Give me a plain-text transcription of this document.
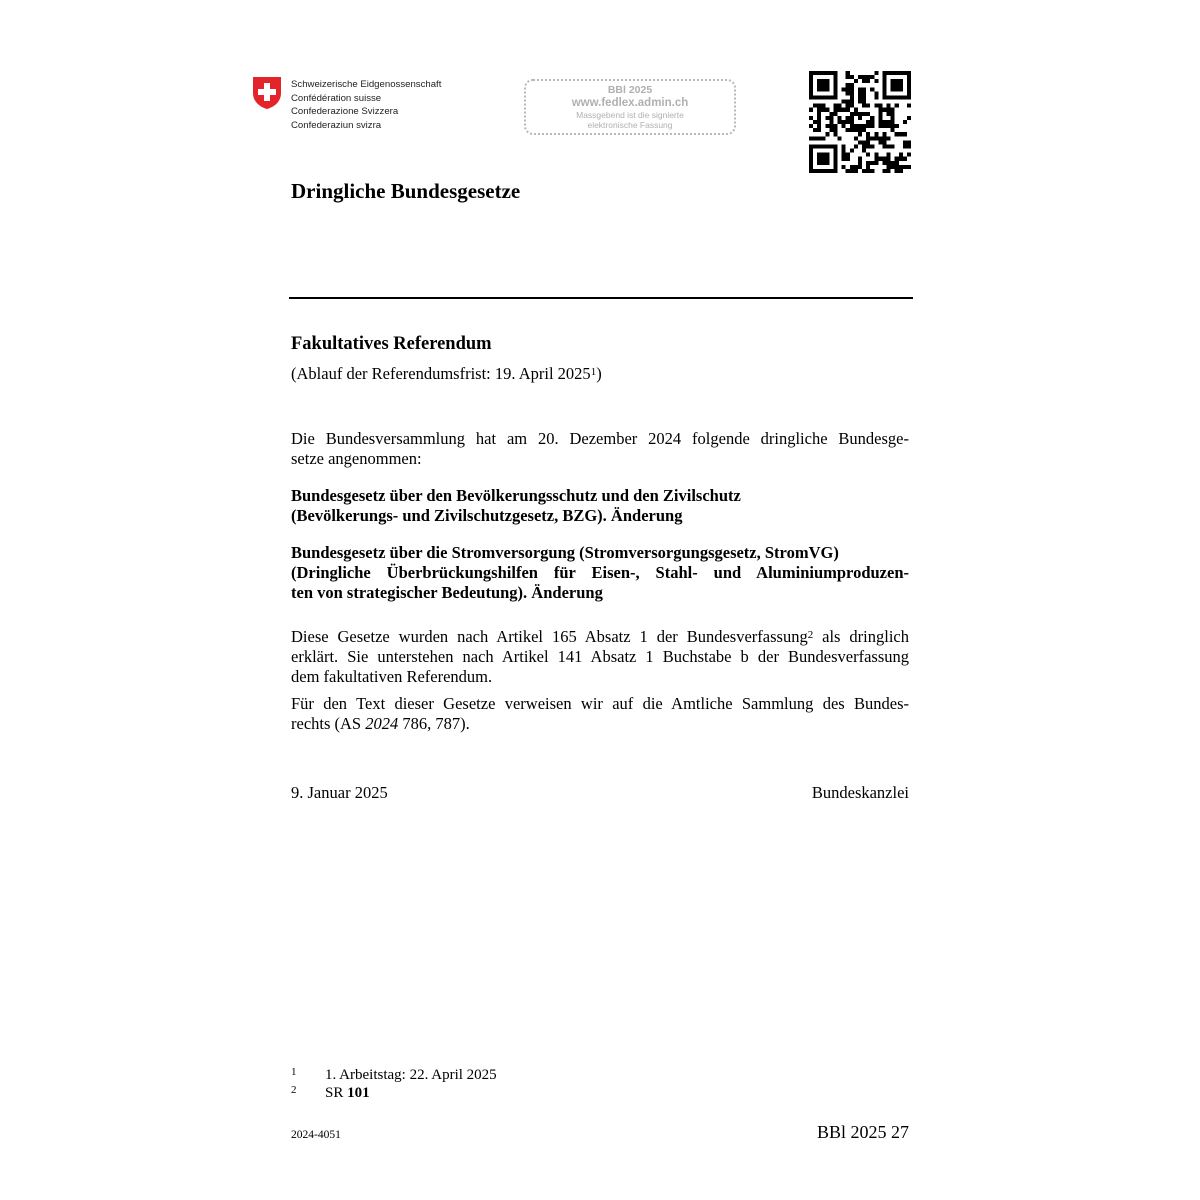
Schweizerische Eidgenossenschaft
Confédération suisse
Confederazione Svizzera
Confederaziun svizra
BBl 2025
www.fedlex.admin.ch
Massgebend ist die signierte
elektronische Fassung
Dringliche Bundesgesetze
Fakultatives Referendum
(Ablauf der Referendumsfrist: 19. April 2025$^1$)
Die Bundesversammlung hat am 20. Dezember 2024 folgende dringliche Bundesge-
setze angenommen:
Bundesgesetz über den Bevölkerungsschutz und den Zivilschutz
(Bevölkerungs- und Zivilschutzgesetz, BZG). Änderung
Bundesgesetz über die Stromversorgung (Stromversorgungsgesetz, StromVG)
(Dringliche Überbrückungshilfen für Eisen-, Stahl- und Aluminiumproduzen-
ten von strategischer Bedeutung). Änderung
Diese Gesetze wurden nach Artikel 165 Absatz 1 der Bundesverfassung$^2$ als dringlich
erklärt. Sie unterstehen nach Artikel 141 Absatz 1 Buchstabe b der Bundesverfassung
dem fakultativen Referendum.
Für den Text dieser Gesetze verweisen wir auf die Amtliche Sammlung des Bundes-
rechts (AS 2024 786, 787).
9. Januar 2025	Bundeskanzlei
1 1. Arbeitstag: 22. April 2025
2 SR 101
2024-4051	BBl 2025 27
